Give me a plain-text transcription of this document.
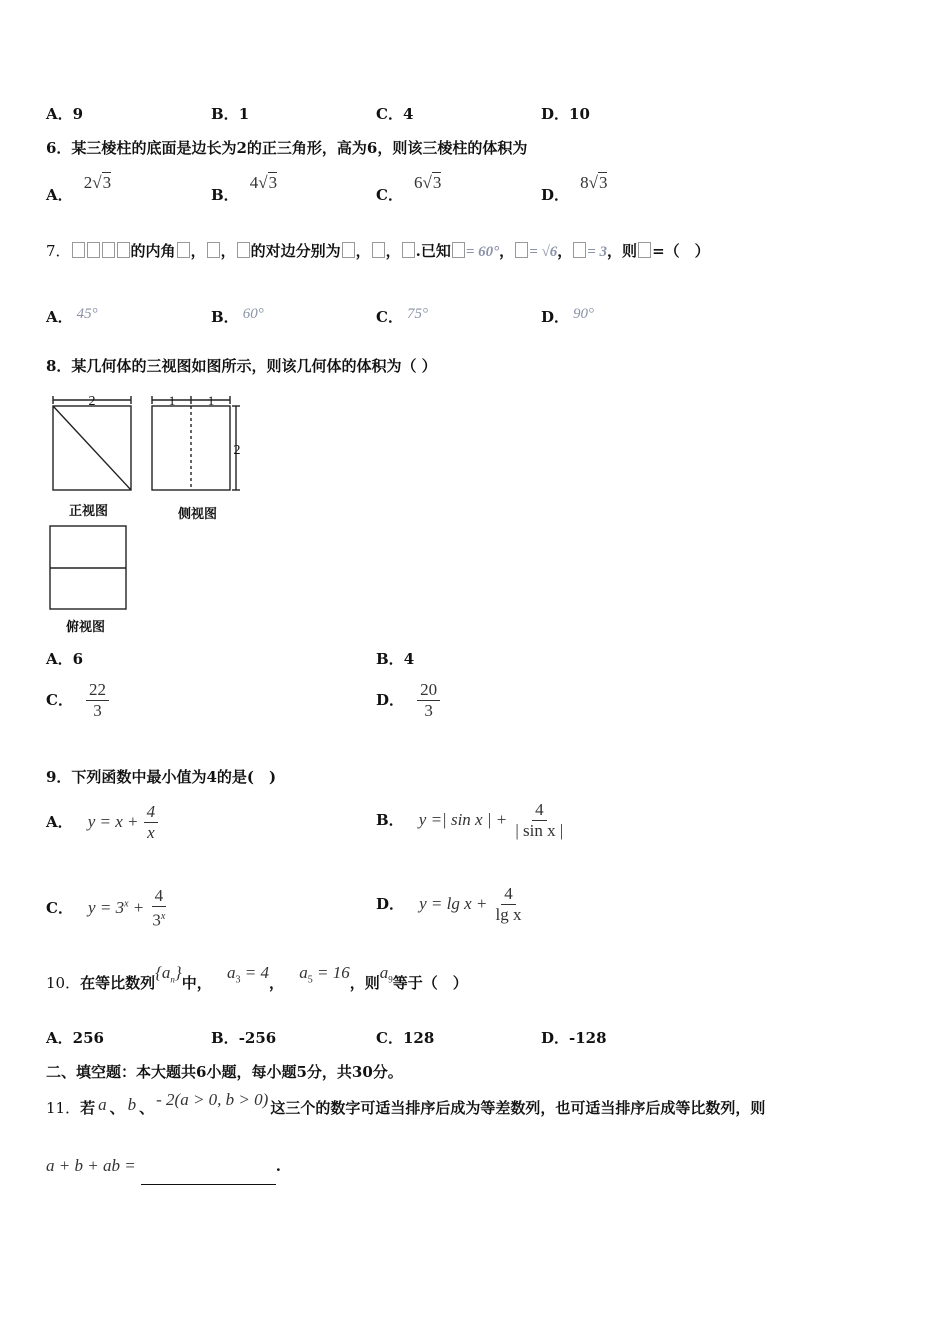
A．9	B．1	C．4	D．10
6．某三棱柱的底面是边长为2的正三角形，高为6，则该三棱柱的体积为
A． 2√3
B． 4√3
C． 6√3
D． 8√3
7．	的内角 ， ， 的对边分别为 ， ， .已知 = 60°， = √6， = 3，则 =（　）
A． 45°	B． 60°	C． 75°	D． 90°
8．某几何体的三视图如图所示，则该几何体的体积为（ ）
2	1	1
2
正视图	侧视图
俯视图
A．6	B．4
C． $\frac{22}{3}$	D． $\frac{20}{3}$
9．下列函数中最小值为4的是(　)
A． $y = x + \frac{4}{x}$	B． y =| sin x | + $\frac{4}{\text{| sin x |}}$
C． $y = 3^x + \frac{4}{3^x}$	D． $y = \lg x + \frac{4}{\text{lg x}}$
10．在等比数列$\{a_n\}$中， $a_3 = 4$， $a_5 = 16$，则$a_9$等于（　）
A．256	B．-256	C．128	D．-128
二、填空题：本大题共6小题，每小题5分，共30分。
11．若 a 、 b 、 - 2(a > 0, b > 0) 这三个的数字可适当排序后成为等差数列，也可适当排序后成等比数列，则
a + b + ab =	.
